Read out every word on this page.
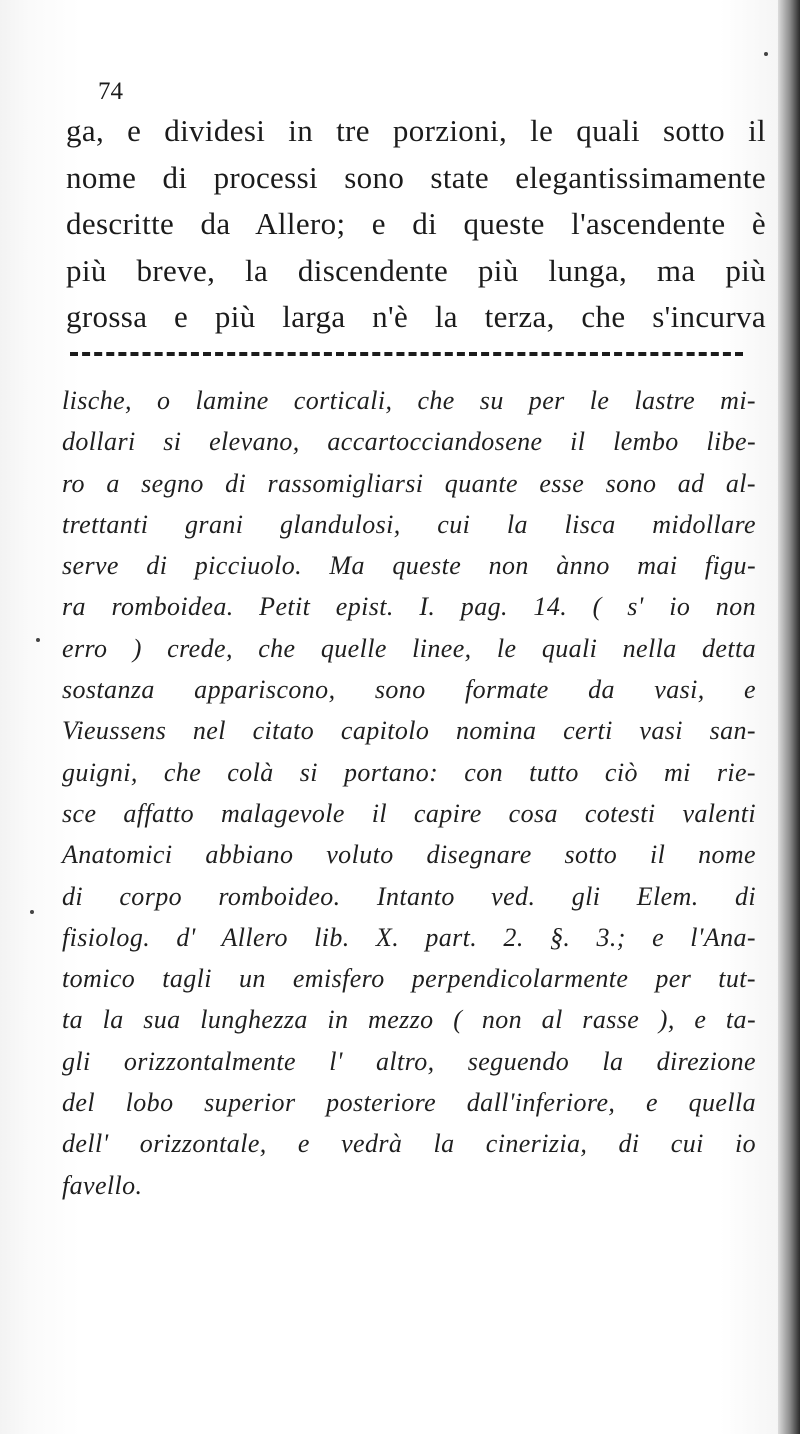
74
ga, e dividesi in tre porzioni, le quali sotto il
nome di processi sono state elegantissimamente
descritte da Allero; e di queste l'ascendente è
più breve, la discendente più lunga, ma più
grossa e più larga n'è la terza, che s'incurva
lische, o lamine corticali, che su per le lastre mi-
dollari si elevano, accartocciandosene il lembo libe-
ro a segno di rassomigliarsi quante esse sono ad al-
trettanti grani glandulosi, cui la lisca midollare
serve di picciuolo. Ma queste non ànno mai figu-
ra romboidea. Petit epist. I. pag. 14. ( s' io non
erro ) crede, che quelle linee, le quali nella detta
sostanza appariscono, sono formate da vasi, e
Vieussens nel citato capitolo nomina certi vasi san-
guigni, che colà si portano: con tutto ciò mi rie-
sce affatto malagevole il capire cosa cotesti valenti
Anatomici abbiano voluto disegnare sotto il nome
di corpo romboideo. Intanto ved. gli Elem. di
fisiolog. d' Allero lib. X. part. 2. §. 3.; e l'Ana-
tomico tagli un emisfero perpendicolarmente per tut-
ta la sua lunghezza in mezzo ( non al rasse ), e ta-
gli orizzontalmente l' altro, seguendo la direzione
del lobo superior posteriore dall'inferiore, e quella
dell' orizzontale, e vedrà la cinerizia, di cui io
favello.
